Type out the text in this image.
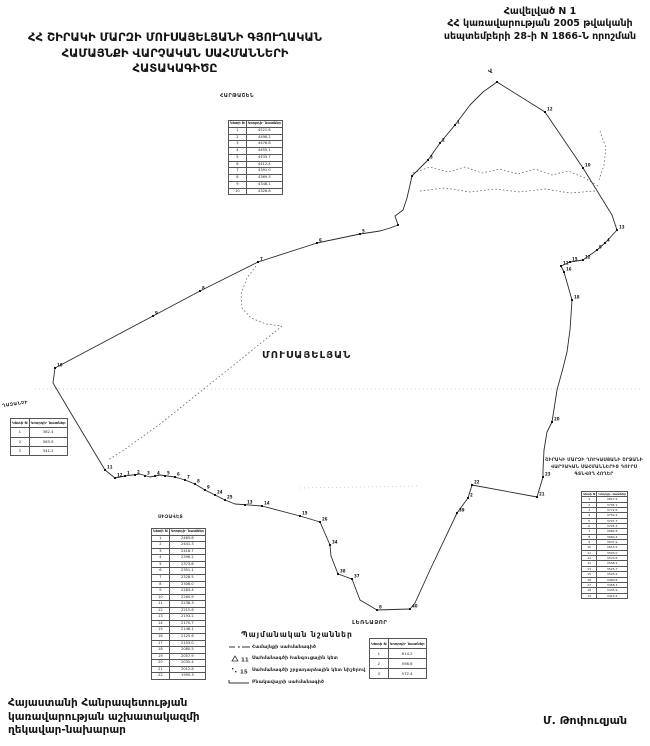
ՀՀ ՇԻՐԱԿԻ ՄԱՐԶԻ ՄՈՒՍԱՅԵԼՅԱՆԻ ԳՅՈՒՂԱԿԱՆ
ՀԱՄԱՅՆՔԻ ՎԱՐՉԱԿԱՆ ՍԱՀՄԱՆՆԵՐԻ
ՀԱՏԱԿԱԳԻԾԸ
Հավելված N 1
ՀՀ կառավարության 2005 թվականի
սեպտեմբերի 28-ի N 1866-Ն որոշման
1
2
3
5
6
7
8
9
10
11
12 1 2 3 4 5 6
7
8
9
24
25
13	14
15
26
34
38
37
8	40
39
2
22
21
23
20
18
16
11
15 12
9
4
13
10
12
ՄՈՒՍԱՅԵԼՅԱՆ
ՀԱՐԹԱՇԵՆ
ՂԱԶԱՆՉԻ
ԼԵՌՆԱՁՈՐ
Վ
ՇԻՐԱԿԻ ՄԱՐԶԻ ՂՈՒԿԱՍՅԱՆԻ ՇՐՋԱՆԻ
ՎԱՐՉԱԿԱՆ ՍԱՀՄԱՆՆԵՐԻՑ ԴՈՒՐՍ
ԳՏՆՎՈՂ ՀՈՂԵՐ
Կետի N	Կոորդի- նատներ
1	4521.6
2	4498.2
3	4476.8
4	4455.1
5	4433.7
6	4412.4
7	4391.0
8	4369.5
9	4348.1
10	4326.8
Կետի N	Կոորդի- նատներ
1	382.4
2	365.9
3	341.2
ՍԻԶԱՎԵՏ
Կետի N	Կոորդի- նատներ
1	2465.8
2	2441.3
3	2418.7
4	2396.2
5	2373.6
6	2351.1
7	2328.5
8	2306.0
9	2283.4
10	2260.9
11	2238.3
12	2215.8
13	2193.2
14	2170.7
15	2148.1
16	2125.6
17	2103.0
18	2080.5
19	2057.9
20	2035.4
21	2012.8
22	1990.3
Կետի N	Կոորդի- նատներ
1	614.2
2	598.6
3	572.4
Կետի N	Կոորդի- նատներ
1	3817.5
2	3795.1
3	3772.6
4	3750.2
5	3727.7
6	3705.3
7	3682.8
8	3660.4
9	3637.9
10	3615.5
11	3593.0
12	3570.6
13	3548.1
14	3525.7
15	3503.2
16	3480.8
17	3458.3
18	3435.9
19	3413.4
Պայմանական նշաններ
Համայնքի սահմանագիծ
11 Սահմանագծի հանգուցային կետ
15 Սահմանագծի շրջադարձային կետ նիշերով
Բնակավայրի սահմանագիծ
Հայաստանի Հանրապետության
կառավարության աշխատակազմի
ղեկավար-նախարար
Մ. Թոփուզյան
